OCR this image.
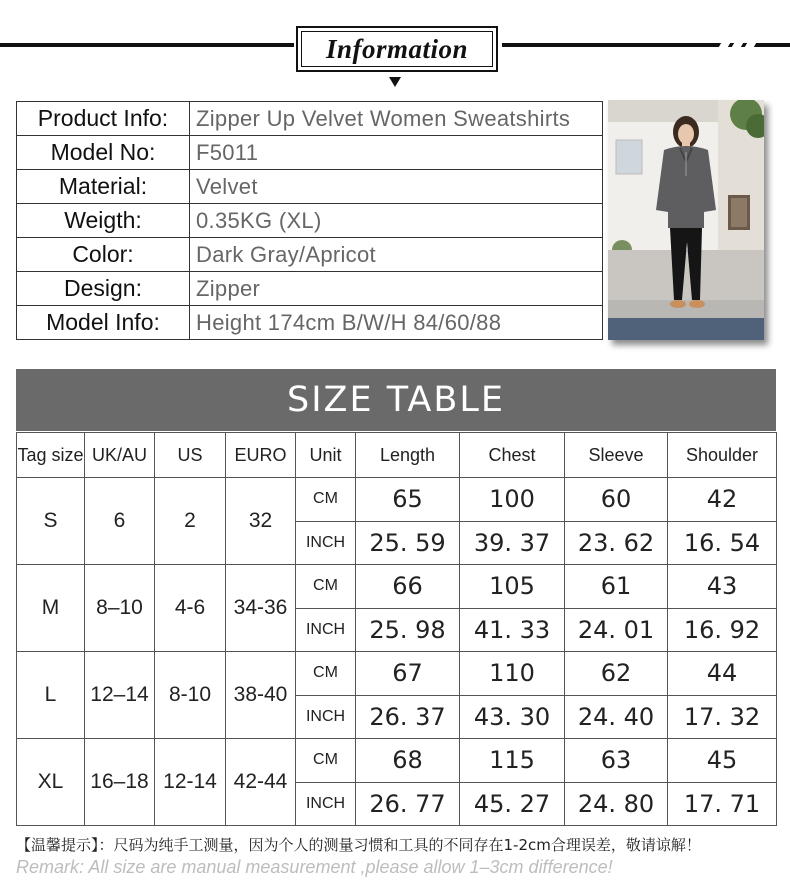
Information
Product Info:	Zipper Up Velvet Women Sweatshirts
Model No:	F5011
Material:	Velvet
Weigth:	0.35KG (XL)
Color:	Dark Gray/Apricot
Design:	Zipper
Model Info:	Height 174cm B/W/H 84/60/88
SIZE TABLE
Tag size	UK/AU	US	EURO	Unit	Length	Chest	Sleeve	Shoulder
S	6	2	32	CM	65	100	60	42
				INCH	25. 59	39. 37	23. 62	16. 54
M	8–10	4-6	34-36	CM	66	105	61	43
				INCH	25. 98	41. 33	24. 01	16. 92
L	12–14	8-10	38-40	CM	67	110	62	44
				INCH	26. 37	43. 30	24. 40	17. 32
XL	16–18	12-14	42-44	CM	68	115	63	45
				INCH	26. 77	45. 27	24. 80	17. 71
【温馨提示】：尺码为纯手工测量，因为个人的测量习惯和工具的不同存在1-2cm合理误差，敬请谅解！
Remark: All size are manual measurement ,please allow 1–3cm difference!
